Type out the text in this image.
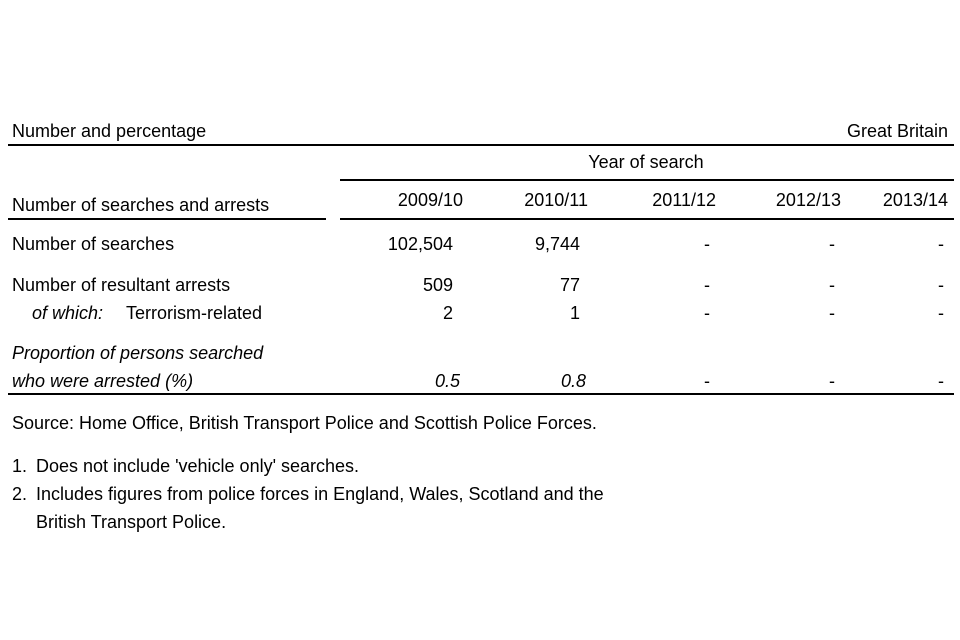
Number and percentage	Great Britain
Year of search
Number of searches and arrests	2009/10	2010/11	2011/12	2012/13	2013/14
Number of searches	102,504	9,744	-	-	-
Number of resultant arrests	509	77	-	-	-
of which: Terrorism-related	2	1	-	-	-
Proportion of persons searched
who were arrested (%)	0.5	0.8	-	-	-
Source: Home Office, British Transport Police and Scottish Police Forces.
1. Does not include 'vehicle only' searches.
2. Includes figures from police forces in England, Wales, Scotland and the
British Transport Police.
